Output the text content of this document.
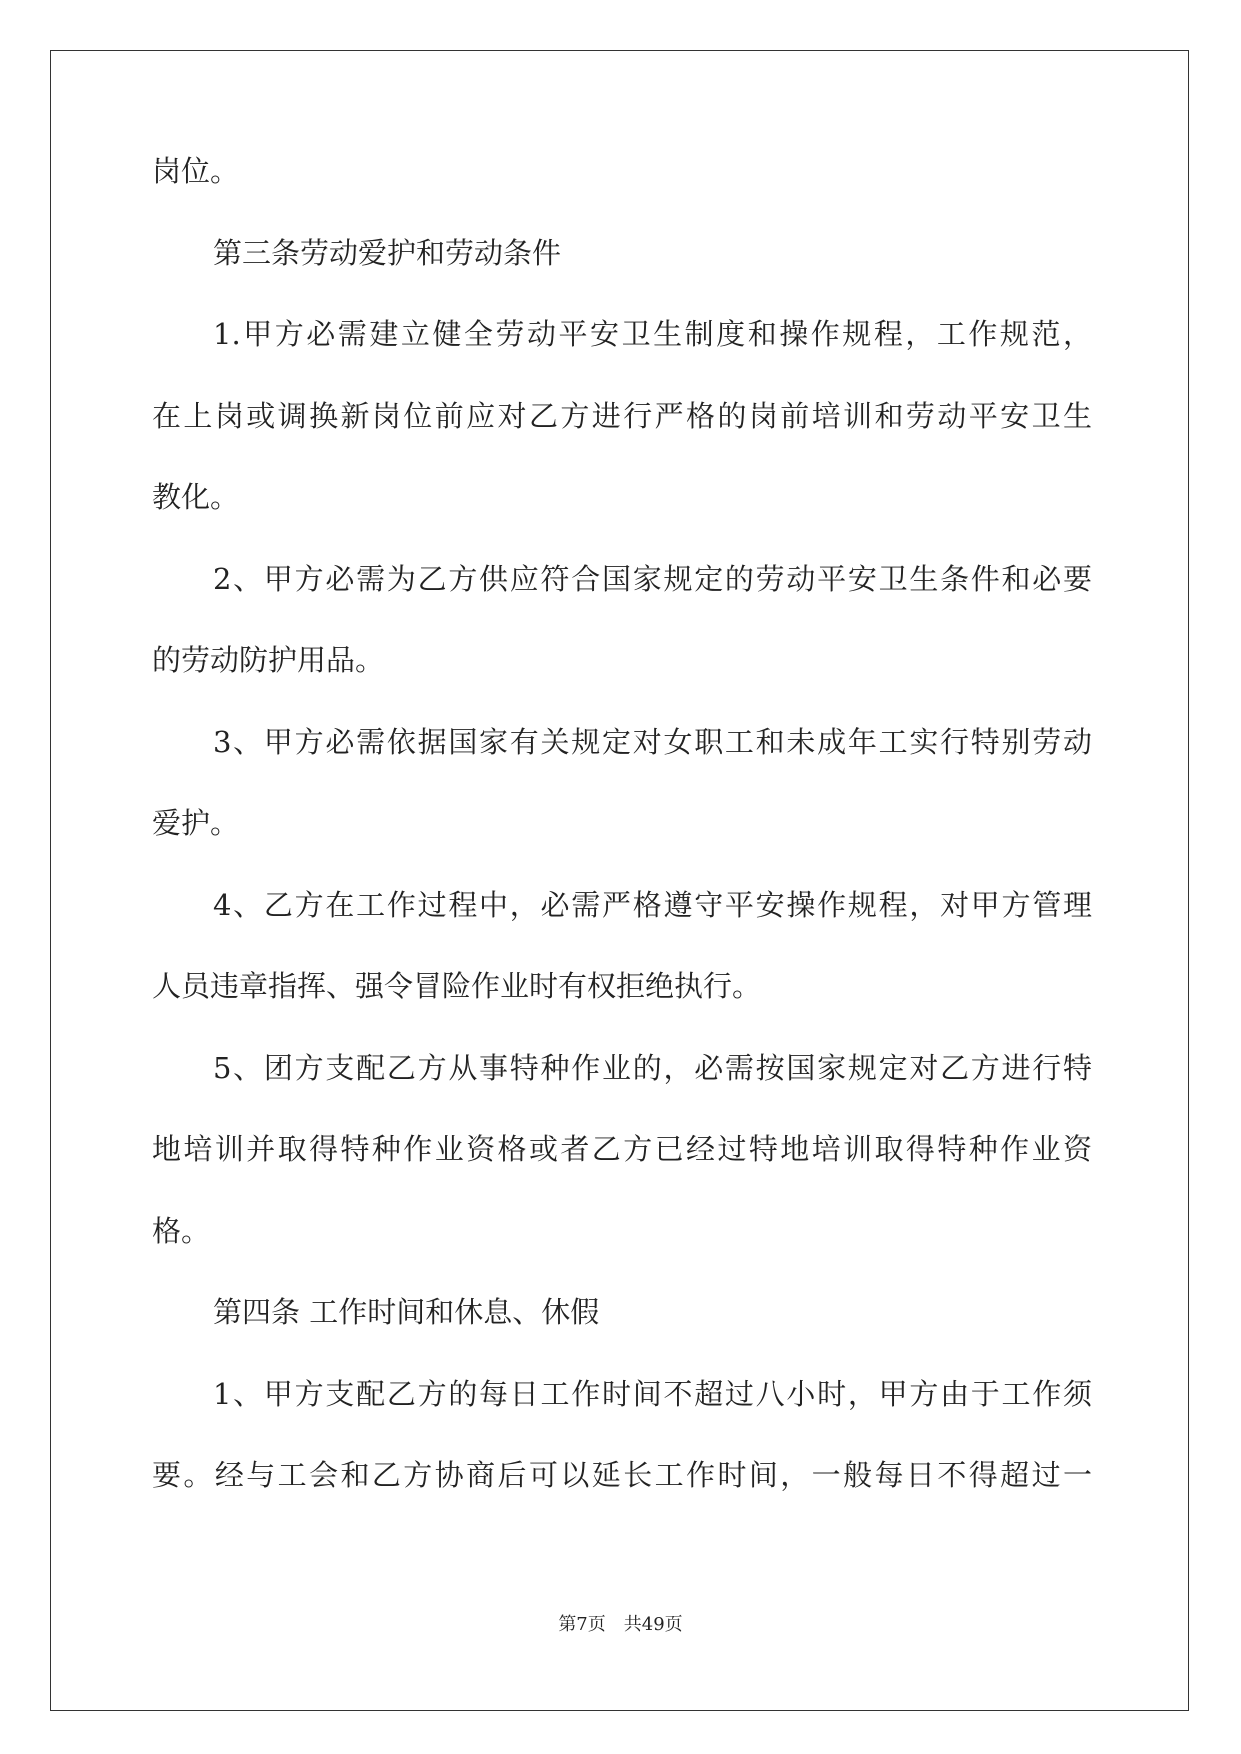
岗位。
第三条劳动爱护和劳动条件
1.甲方必需建立健全劳动平安卫生制度和操作规程，工作规范，
在上岗或调换新岗位前应对乙方进行严格的岗前培训和劳动平安卫生
教化。
2、甲方必需为乙方供应符合国家规定的劳动平安卫生条件和必要
的劳动防护用品。
3、甲方必需依据国家有关规定对女职工和未成年工实行特别劳动
爱护。
4、乙方在工作过程中，必需严格遵守平安操作规程，对甲方管理
人员违章指挥、强令冒险作业时有权拒绝执行。
5、团方支配乙方从事特种作业的，必需按国家规定对乙方进行特
地培训并取得特种作业资格或者乙方已经过特地培训取得特种作业资
格。
第四条 工作时间和休息、休假
1、甲方支配乙方的每日工作时间不超过八小时，甲方由于工作须
要。经与工会和乙方协商后可以延长工作时间，一般每日不得超过一
第7页　共49页
